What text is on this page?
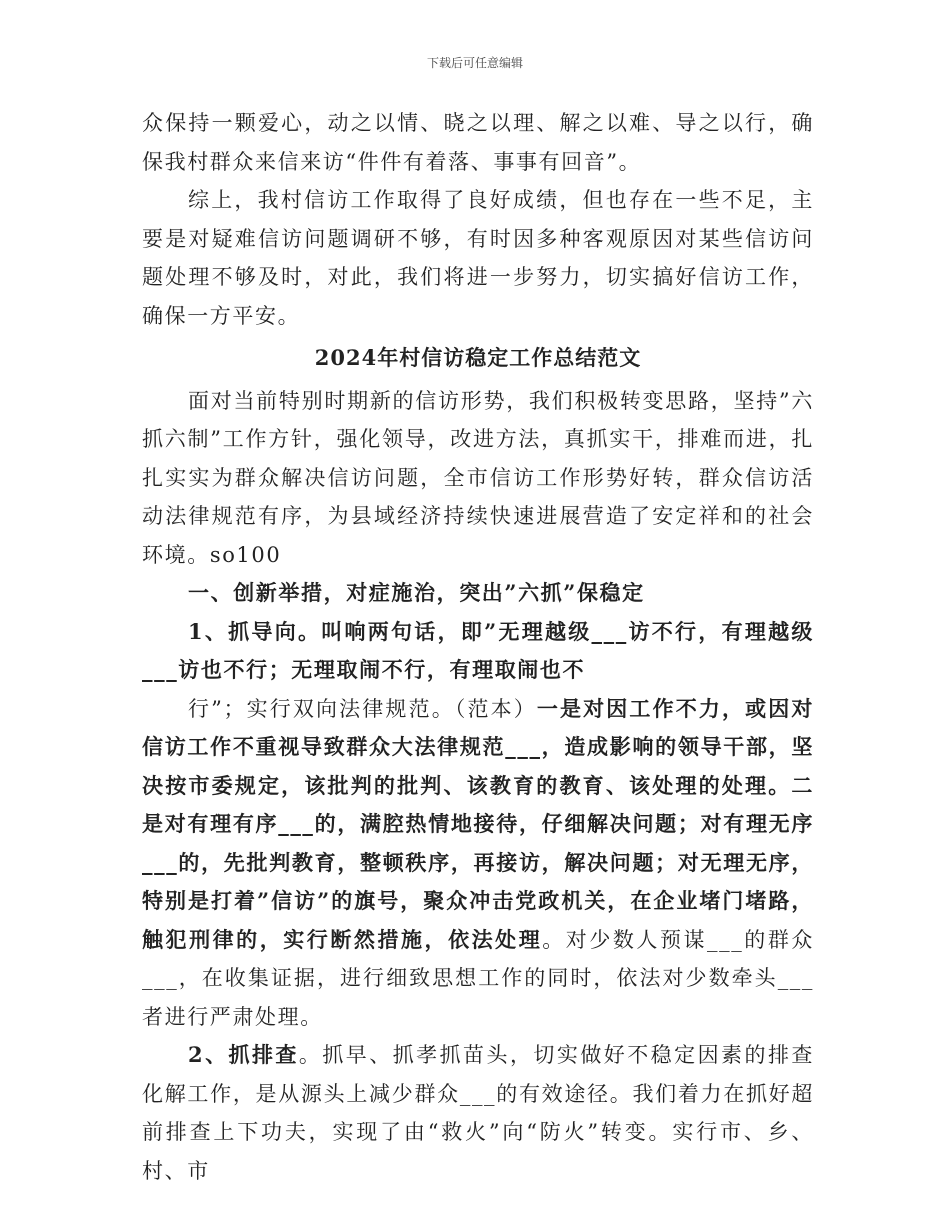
下载后可任意编辑

众保持一颗爱心，动之以情、晓之以理、解之以难、导之以行，确保我村群众来信来访“件件有着落、事事有回音”。

综上，我村信访工作取得了良好成绩，但也存在一些不足，主要是对疑难信访问题调研不够，有时因多种客观原因对某些信访问题处理不够及时，对此，我们将进一步努力，切实搞好信访工作，确保一方平安。

2024年村信访稳定工作总结范文

面对当前特别时期新的信访形势，我们积极转变思路，坚持”六抓六制”工作方针，强化领导，改进方法，真抓实干，排难而进，扎扎实实为群众解决信访问题，全市信访工作形势好转，群众信访活动法律规范有序，为县域经济持续快速进展营造了安定祥和的社会环境。so100

一、创新举措，对症施治，突出”六抓”保稳定

1、抓导向。叫响两句话，即”无理越级___访不行，有理越级___访也不行；无理取闹不行，有理取闹也不

行”；实行双向法律规范。（范本）一是对因工作不力，或因对信访工作不重视导致群众大法律规范___，造成影响的领导干部，坚决按市委规定，该批判的批判、该教育的教育、该处理的处理。二是对有理有序___的，满腔热情地接待，仔细解决问题；对有理无序___的，先批判教育，整顿秩序，再接访，解决问题；对无理无序，特别是打着”信访”的旗号，聚众冲击党政机关，在企业堵门堵路，触犯刑律的，实行断然措施，依法处理。对少数人预谋___的群众___，在收集证据，进行细致思想工作的同时，依法对少数牵头___者进行严肃处理。

2、抓排查。抓早、抓孝抓苗头，切实做好不稳定因素的排查化解工作，是从源头上减少群众___的有效途径。我们着力在抓好超前排查上下功夫，实现了由“救火”向“防火”转变。实行市、乡、村、市
